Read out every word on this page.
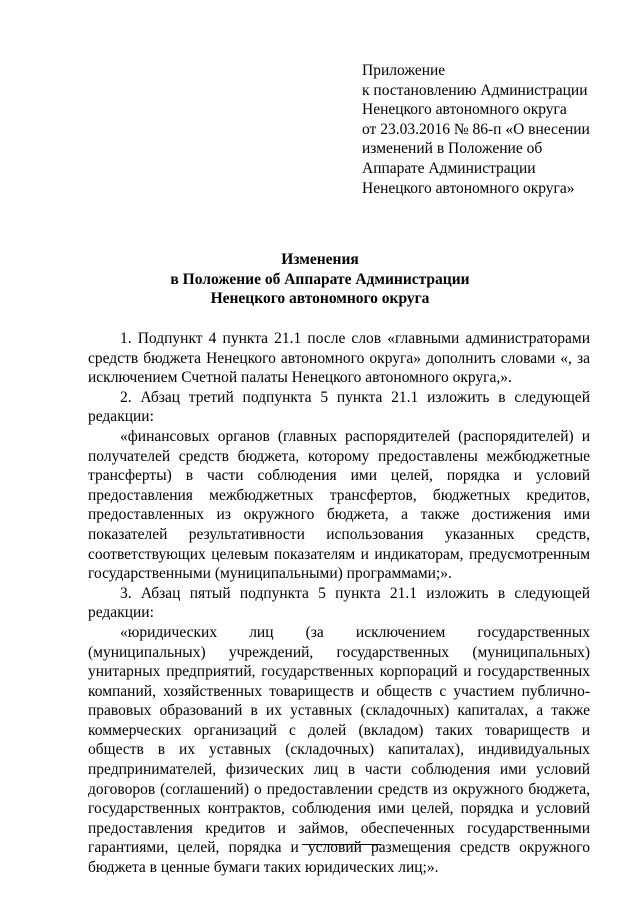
Приложение
к постановлению Администрации
Ненецкого автономного округа
от 23.03.2016 № 86-п «О внесении
изменений в Положение об
Аппарате Администрации
Ненецкого автономного округа»
Изменения
в Положение об Аппарате Администрации
Ненецкого автономного округа

1. Подпункт 4 пункта 21.1 после слов «главными администраторами средств бюджета Ненецкого автономного округа» дополнить словами «, за исключением Счетной палаты Ненецкого автономного округа,».

2. Абзац третий подпункта 5 пункта 21.1 изложить в следующей редакции:

«финансовых органов (главных распорядителей (распорядителей) и получателей средств бюджета, которому предоставлены межбюджетные трансферты) в части соблюдения ими целей, порядка и условий предоставления межбюджетных трансфертов, бюджетных кредитов, предоставленных из окружного бюджета, а также достижения ими показателей результативности использования указанных средств, соответствующих целевым показателям и индикаторам, предусмотренным государственными (муниципальными) программами;».

3. Абзац пятый подпункта 5 пункта 21.1 изложить в следующей редакции:

«юридических лиц (за исключением государственных (муниципальных) учреждений, государственных (муниципальных) унитарных предприятий, государственных корпораций и государственных компаний, хозяйственных товариществ и обществ с участием публично-правовых образований в их уставных (складочных) капиталах, а также коммерческих организаций с долей (вкладом) таких товариществ и обществ в их уставных (складочных) капиталах), индивидуальных предпринимателей, физических лиц в части соблюдения ими условий договоров (соглашений) о предоставлении средств из окружного бюджета, государственных контрактов, соблюдения ими целей, порядка и условий предоставления кредитов и займов, обеспеченных государственными гарантиями, целей, порядка и условий размещения средств окружного бюджета в ценные бумаги таких юридических лиц;».
